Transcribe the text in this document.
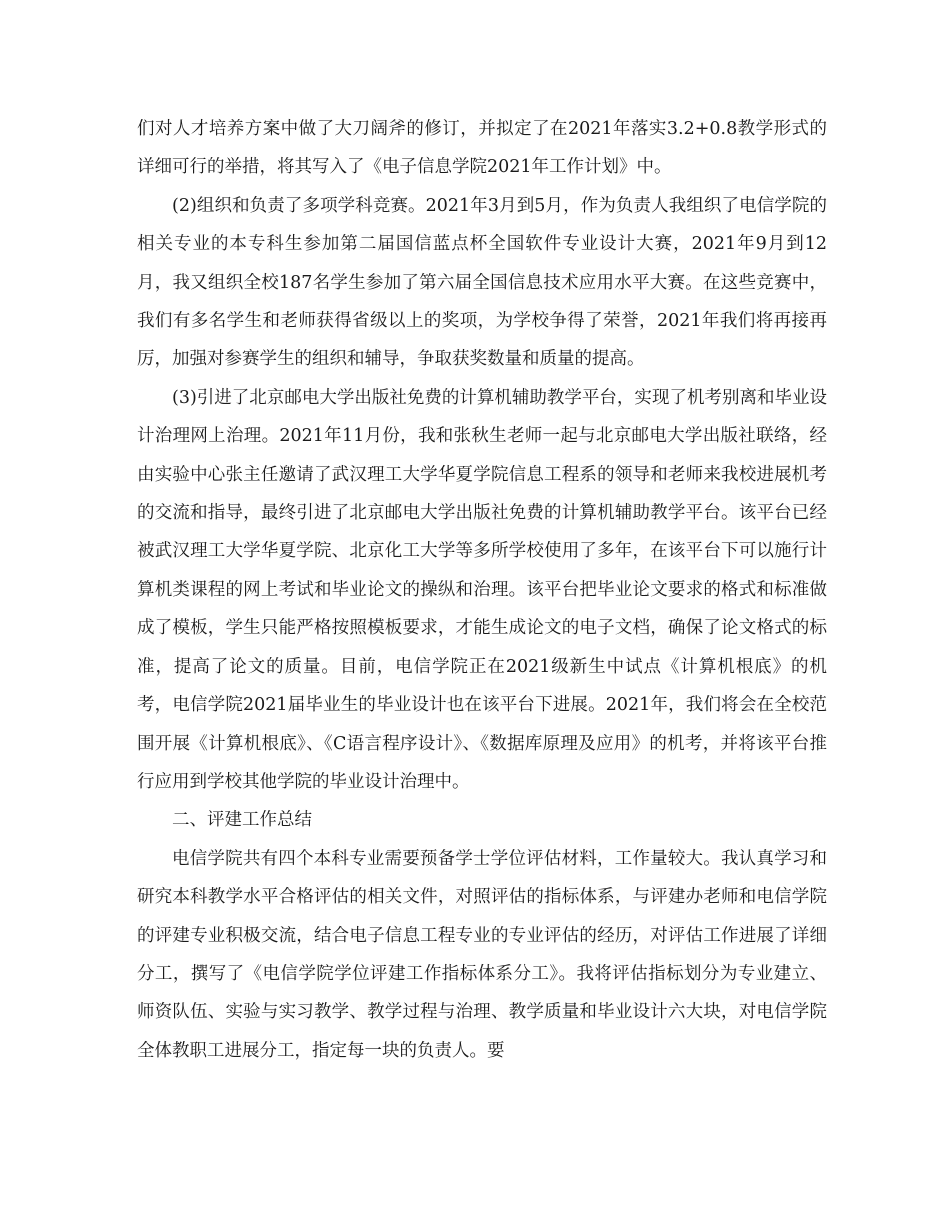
们对人才培养方案中做了大刀阔斧的修订，并拟定了在2021年落实3.2+0.8教学形式的详细可行的举措，将其写入了《电子信息学院2021年工作计划》中。

(2)组织和负责了多项学科竞赛。2021年3月到5月，作为负责人我组织了电信学院的相关专业的本专科生参加第二届国信蓝点杯全国软件专业设计大赛，2021年9月到12月，我又组织全校187名学生参加了第六届全国信息技术应用水平大赛。在这些竞赛中，我们有多名学生和老师获得省级以上的奖项，为学校争得了荣誉，2021年我们将再接再厉，加强对参赛学生的组织和辅导，争取获奖数量和质量的提高。

(3)引进了北京邮电大学出版社免费的计算机辅助教学平台，实现了机考别离和毕业设计治理网上治理。2021年11月份，我和张秋生老师一起与北京邮电大学出版社联络，经由实验中心张主任邀请了武汉理工大学华夏学院信息工程系的领导和老师来我校进展机考的交流和指导，最终引进了北京邮电大学出版社免费的计算机辅助教学平台。该平台已经被武汉理工大学华夏学院、北京化工大学等多所学校使用了多年，在该平台下可以施行计算机类课程的网上考试和毕业论文的操纵和治理。该平台把毕业论文要求的格式和标准做成了模板，学生只能严格按照模板要求，才能生成论文的电子文档，确保了论文格式的标准，提高了论文的质量。目前，电信学院正在2021级新生中试点《计算机根底》的机考，电信学院2021届毕业生的毕业设计也在该平台下进展。2021年，我们将会在全校范围开展《计算机根底》、《C语言程序设计》、《数据库原理及应用》的机考，并将该平台推行应用到学校其他学院的毕业设计治理中。

二、评建工作总结

电信学院共有四个本科专业需要预备学士学位评估材料，工作量较大。我认真学习和研究本科教学水平合格评估的相关文件，对照评估的指标体系，与评建办老师和电信学院的评建专业积极交流，结合电子信息工程专业的专业评估的经历，对评估工作进展了详细分工，撰写了《电信学院学位评建工作指标体系分工》。我将评估指标划分为专业建立、师资队伍、实验与实习教学、教学过程与治理、教学质量和毕业设计六大块，对电信学院全体教职工进展分工，指定每一块的负责人。要
